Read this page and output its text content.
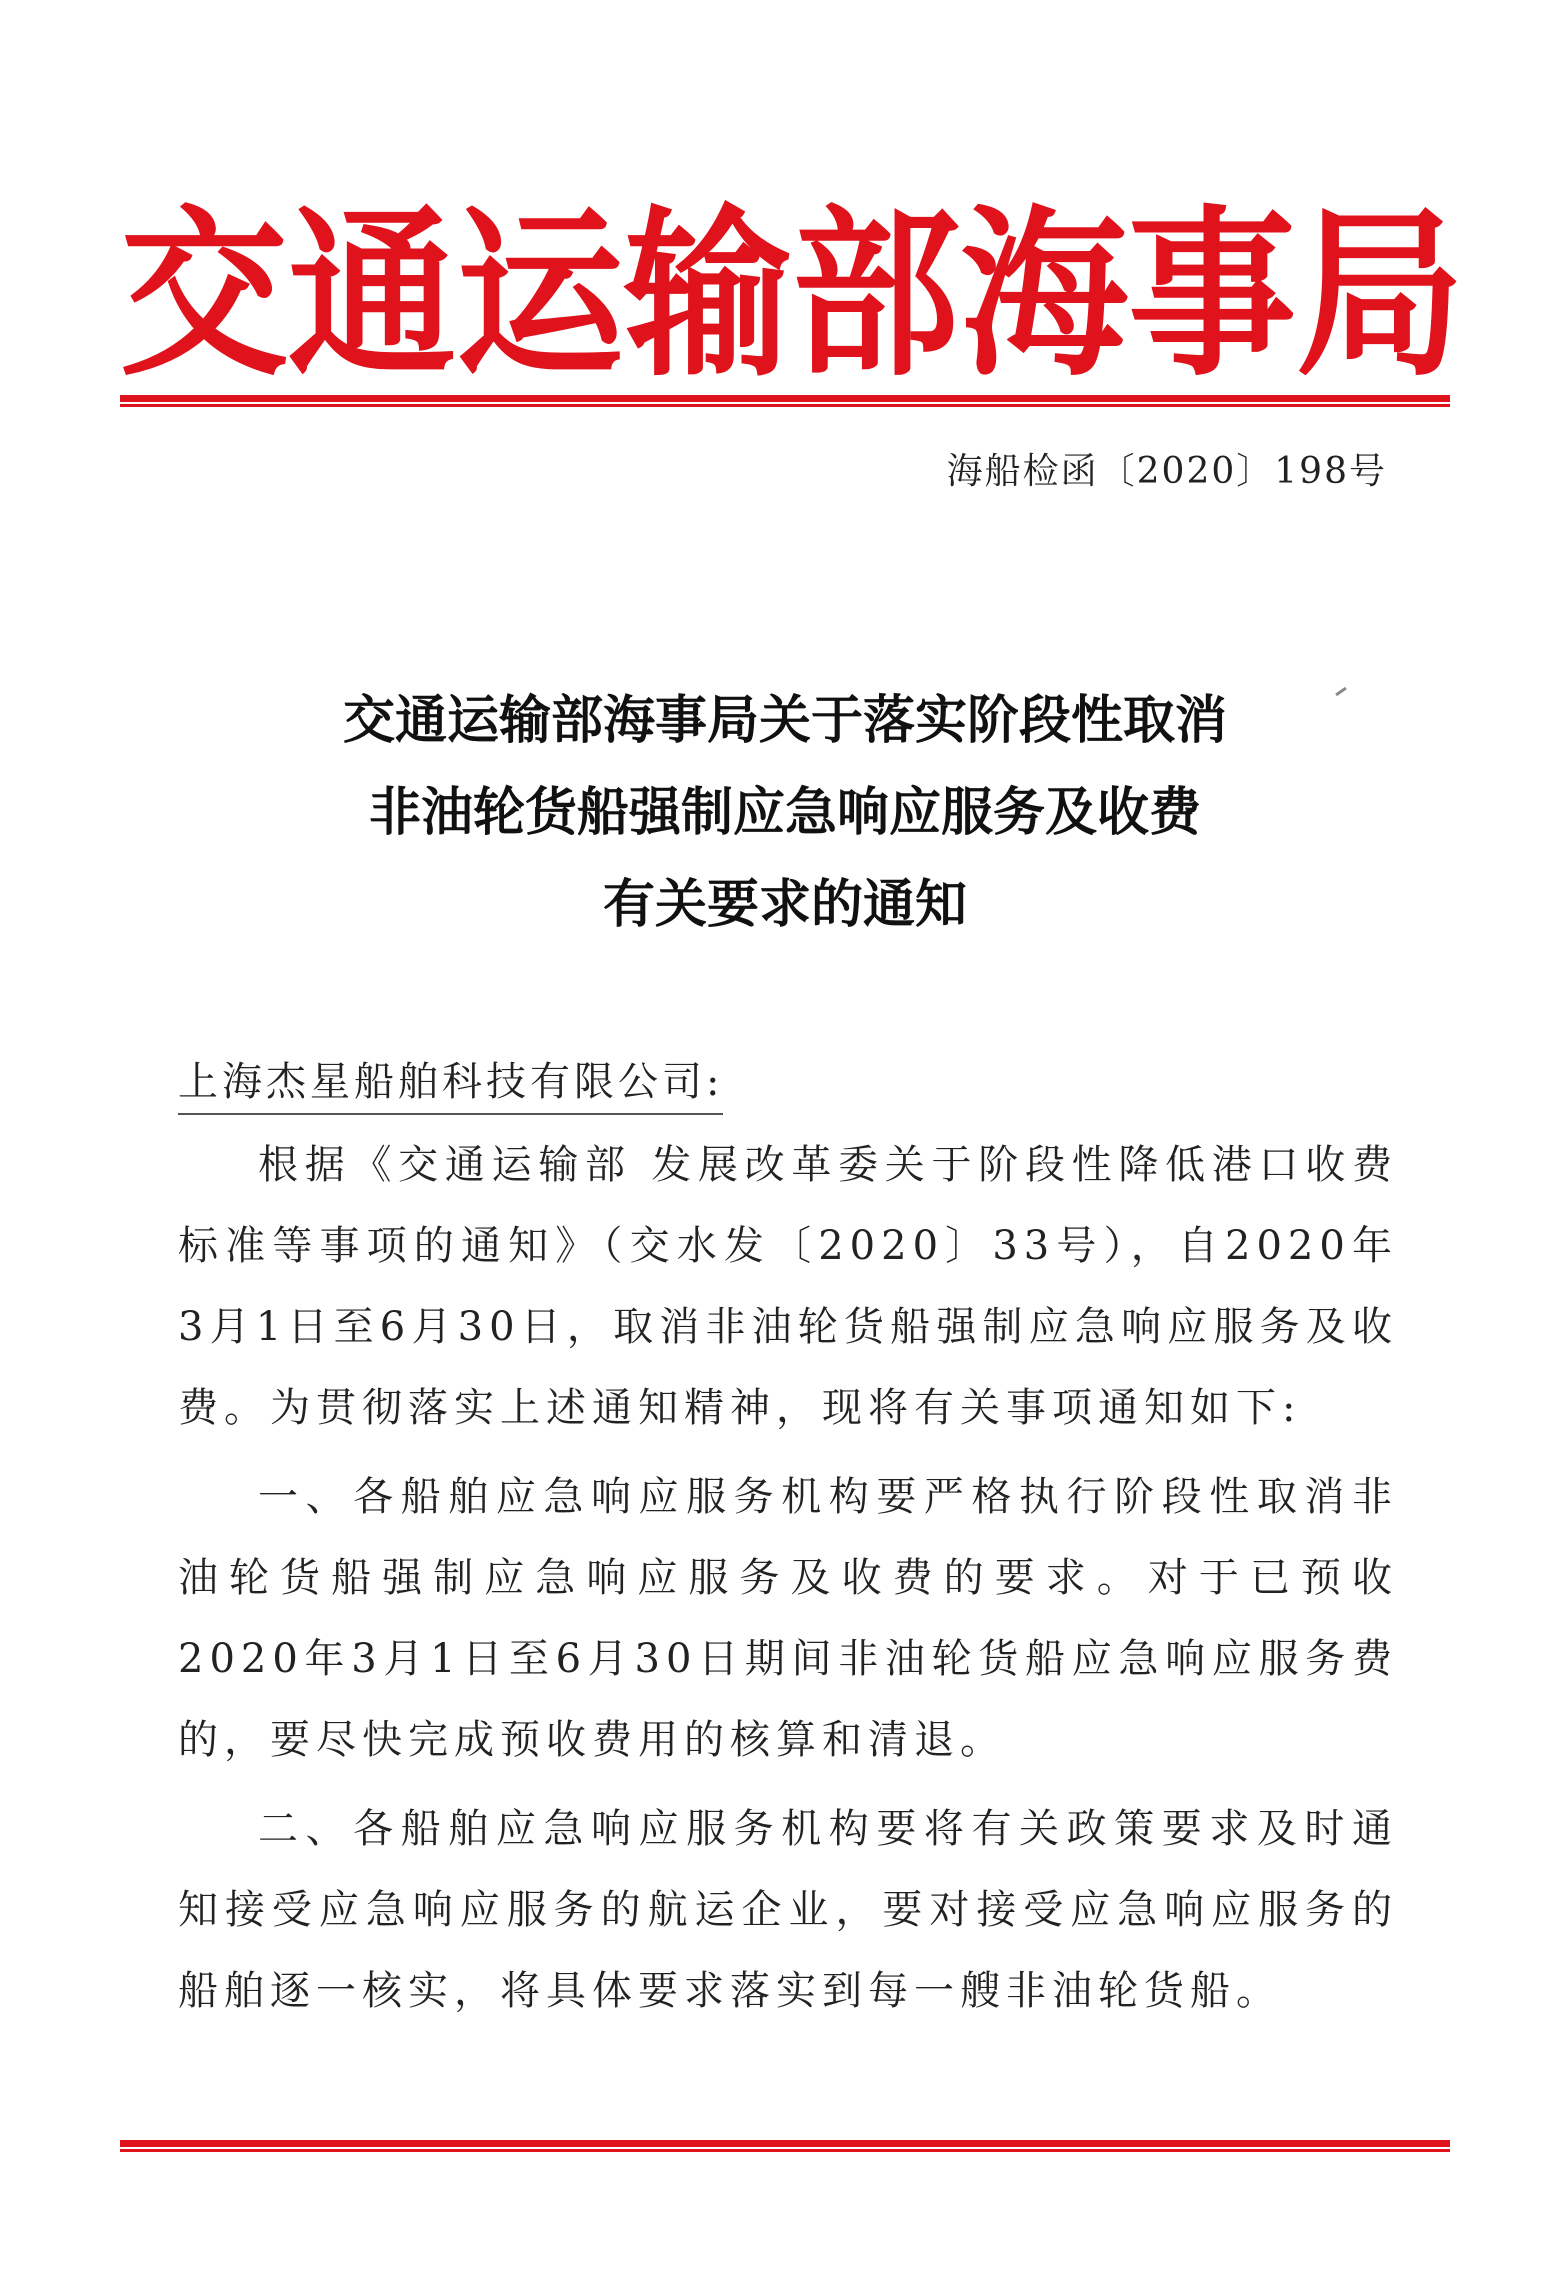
交 通 运 输 部 海 事 局
海船检函〔2020〕198号
交通运输部海事局关于落实阶段性取消
非油轮货船强制应急响应服务及收费
有关要求的通知
上海杰星船舶科技有限公司:

根据《交通运输部 发展改革委关于阶段性降低港口收费标准等事项的通知》（交水发〔2020〕33号），自2020年3月1日至6月30日，取消非油轮货船强制应急响应服务及收费。为贯彻落实上述通知精神，现将有关事项通知如下:

一、各船舶应急响应服务机构要严格执行阶段性取消非油轮货船强制应急响应服务及收费的要求。对于已预收2020年3月1日至6月30日期间非油轮货船应急响应服务费的，要尽快完成预收费用的核算和清退。

二、各船舶应急响应服务机构要将有关政策要求及时通知接受应急响应服务的航运企业，要对接受应急响应服务的船舶逐一核实，将具体要求落实到每一艘非油轮货船。
